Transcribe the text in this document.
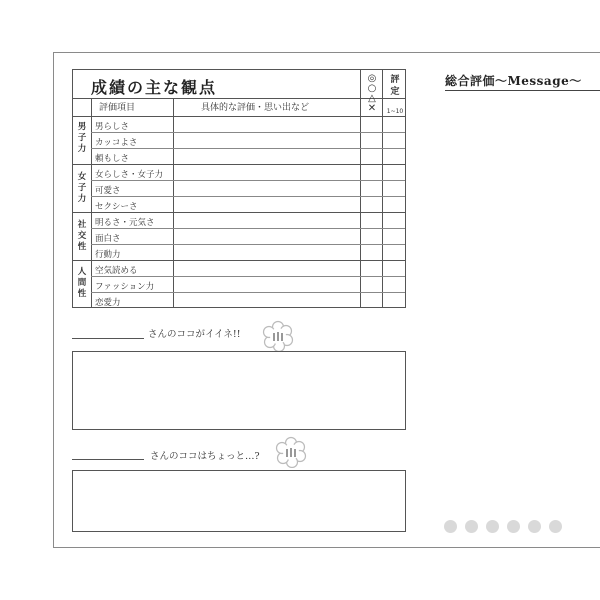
成績の主な観点
評価項目	具体的な評価・思い出など
◎
○
△
✕
評
定
1~10
男
子
力
男らしさ
カッコよさ
頼もしさ
女
子
力
女らしさ・女子力
可愛さ
セクシーさ
社
交
性
明るさ・元気さ
面白さ
行動力
人
間
性
空気読める
ファッション力
恋愛力
さんのココがイイネ!!
さんのココはちょっと…?
総合評価～Message～
